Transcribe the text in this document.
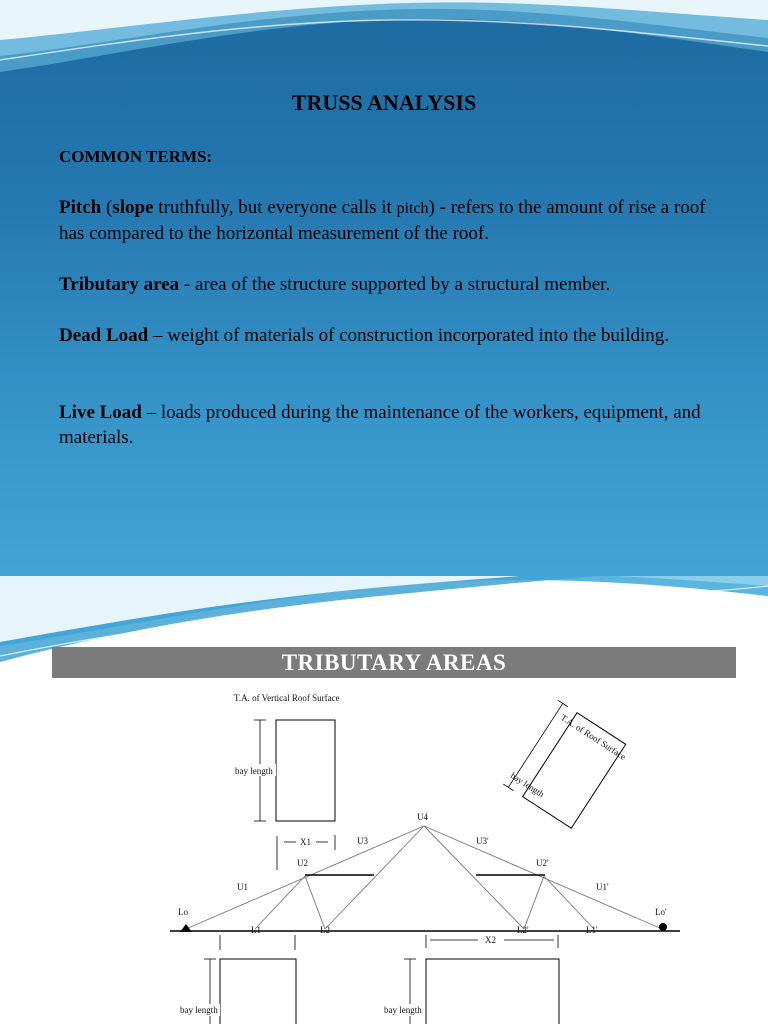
TRUSS ANALYSIS
COMMON TERMS:
Pitch (slope truthfully, but everyone calls it pitch) - refers to the amount of rise a roof has compared to the horizontal measurement of the roof.
Tributary area - area of the structure supported by a structural member.
Dead Load – weight of materials of construction incorporated into the building.
Live Load – loads produced during the maintenance of the workers, equipment, and materials.
TRIBUTARY AREAS
T.A. of Vertical Roof Surface
T.A. of Roof Surface
bay length	bay length
X1
U4
U3	U3'
U2	U2'
U1	U1'
Lo	Lo'
L1	L2	L2'	L1'
X2
bay length	bay length
